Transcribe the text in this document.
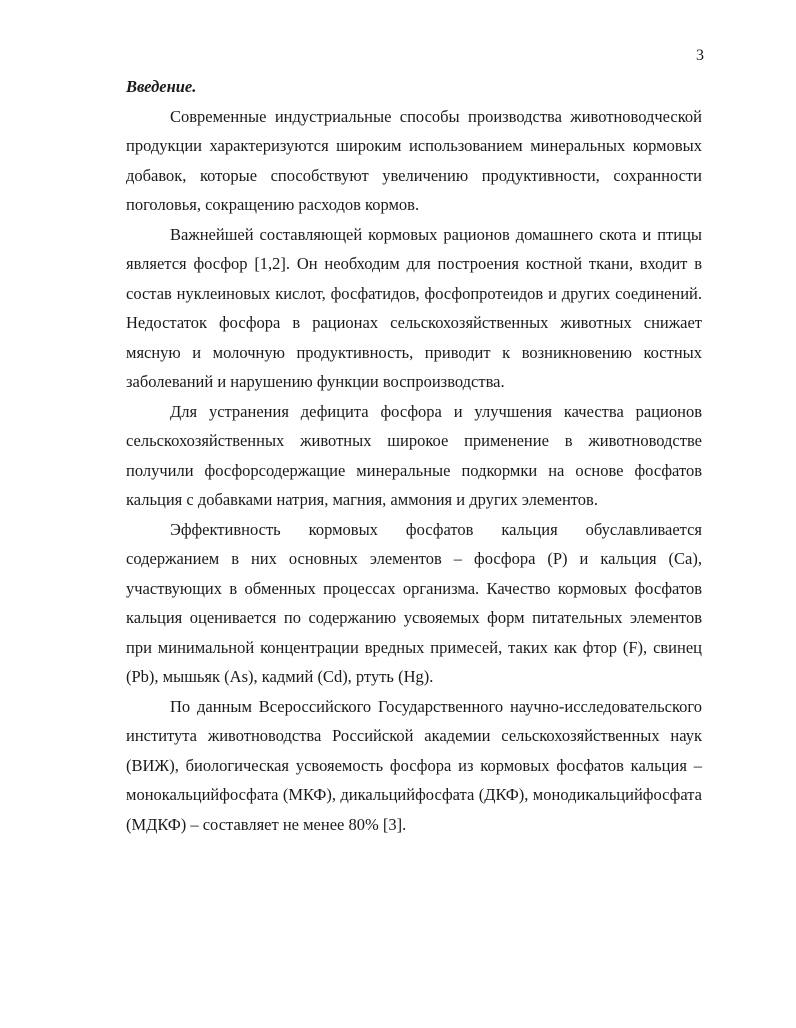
3

Введение.

Современные индустриальные способы производства животноводческой продукции характеризуются широким использованием минеральных кормовых добавок, которые способствуют увеличению продуктивности, сохранности поголовья, сокращению расходов кормов.

Важнейшей составляющей кормовых рационов домашнего скота и птицы является фосфор [1,2]. Он необходим для построения костной ткани, входит в состав нуклеиновых кислот, фосфатидов, фосфопротеидов и других соединений. Недостаток фосфора в рационах сельскохозяйственных животных снижает мясную и молочную продуктивность, приводит к возникновению костных заболеваний и нарушению функции воспроизводства.

Для устранения дефицита фосфора и улучшения качества рационов сельскохозяйственных животных широкое применение в животноводстве получили фосфорсодержащие минеральные подкормки на основе фосфатов кальция с добавками натрия, магния, аммония и других элементов.

Эффективность кормовых фосфатов кальция обуславливается содержанием в них основных элементов – фосфора (P) и кальция (Ca), участвующих в обменных процессах организма. Качество кормовых фосфатов кальция оценивается по содержанию усвояемых форм питательных элементов при минимальной концентрации вредных примесей, таких как фтор (F), свинец (Pb), мышьяк (As), кадмий (Cd), ртуть (Hg).

По данным Всероссийского Государственного научно-исследовательского института животноводства Российской академии сельскохозяйственных наук (ВИЖ), биологическая усвояемость фосфора из кормовых фосфатов кальция – монокальцийфосфата (МКФ), дикальцийфосфата (ДКФ), монодикальцийфосфата (МДКФ) – составляет не менее 80% [3].
